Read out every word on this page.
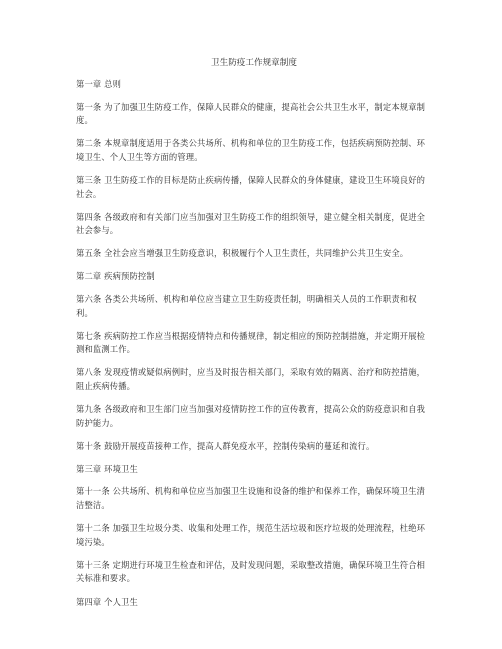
卫生防疫工作规章制度
第一章 总则
第一条 为了加强卫生防疫工作，保障人民群众的健康，提高社会公共卫生水平，制定本规章制度。
第二条 本规章制度适用于各类公共场所、机构和单位的卫生防疫工作，包括疾病预防控制、环境卫生、个人卫生等方面的管理。
第三条 卫生防疫工作的目标是防止疾病传播，保障人民群众的身体健康，建设卫生环境良好的社会。
第四条 各级政府和有关部门应当加强对卫生防疫工作的组织领导，建立健全相关制度，促进全社会参与。
第五条 全社会应当增强卫生防疫意识，积极履行个人卫生责任，共同维护公共卫生安全。
第二章 疾病预防控制
第六条 各类公共场所、机构和单位应当建立卫生防疫责任制，明确相关人员的工作职责和权利。
第七条 疾病防控工作应当根据疫情特点和传播规律，制定相应的预防控制措施，并定期开展检测和监测工作。
第八条 发现疫情或疑似病例时，应当及时报告相关部门，采取有效的隔离、治疗和防控措施，阻止疾病传播。
第九条 各级政府和卫生部门应当加强对疫情防控工作的宣传教育，提高公众的防疫意识和自我防护能力。
第十条 鼓励开展疫苗接种工作，提高人群免疫水平，控制传染病的蔓延和流行。
第三章 环境卫生
第十一条 公共场所、机构和单位应当加强卫生设施和设备的维护和保养工作，确保环境卫生清洁整洁。
第十二条 加强卫生垃圾分类、收集和处理工作，规范生活垃圾和医疗垃圾的处理流程，杜绝环境污染。
第十三条 定期进行环境卫生检查和评估，及时发现问题，采取整改措施，确保环境卫生符合相关标准和要求。
第四章 个人卫生
